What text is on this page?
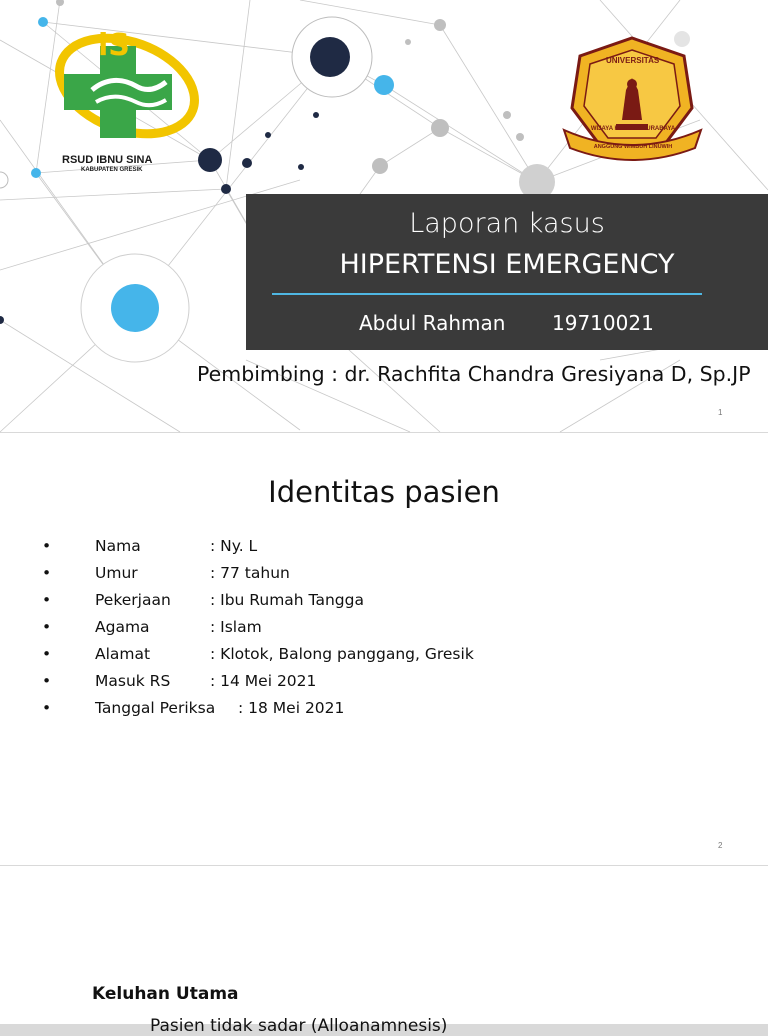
iS
RSUD IBNU SINA
KABUPATEN GRESIK
UNIVERSITAS
WIJAYA KUSUMA SURABAYA
ANGGUNG WIMBUH LINUWIH
Laporan kasus
HIPERTENSI EMERGENCY
Abdul Rahman 19710021
Pembimbing : dr. Rachfita Chandra Gresiyana D, Sp.JP
1
Identitas pasien
•	Nama	: Ny. L
•	Umur	: 77 tahun
•	Pekerjaan	: Ibu Rumah Tangga
•	Agama	: Islam
•	Alamat	: Klotok, Balong panggang, Gresik
•	Masuk RS	: 14 Mei 2021
•	Tanggal Periksa : 18 Mei 2021
2
Keluhan Utama
Pasien tidak sadar (Alloanamnesis)
